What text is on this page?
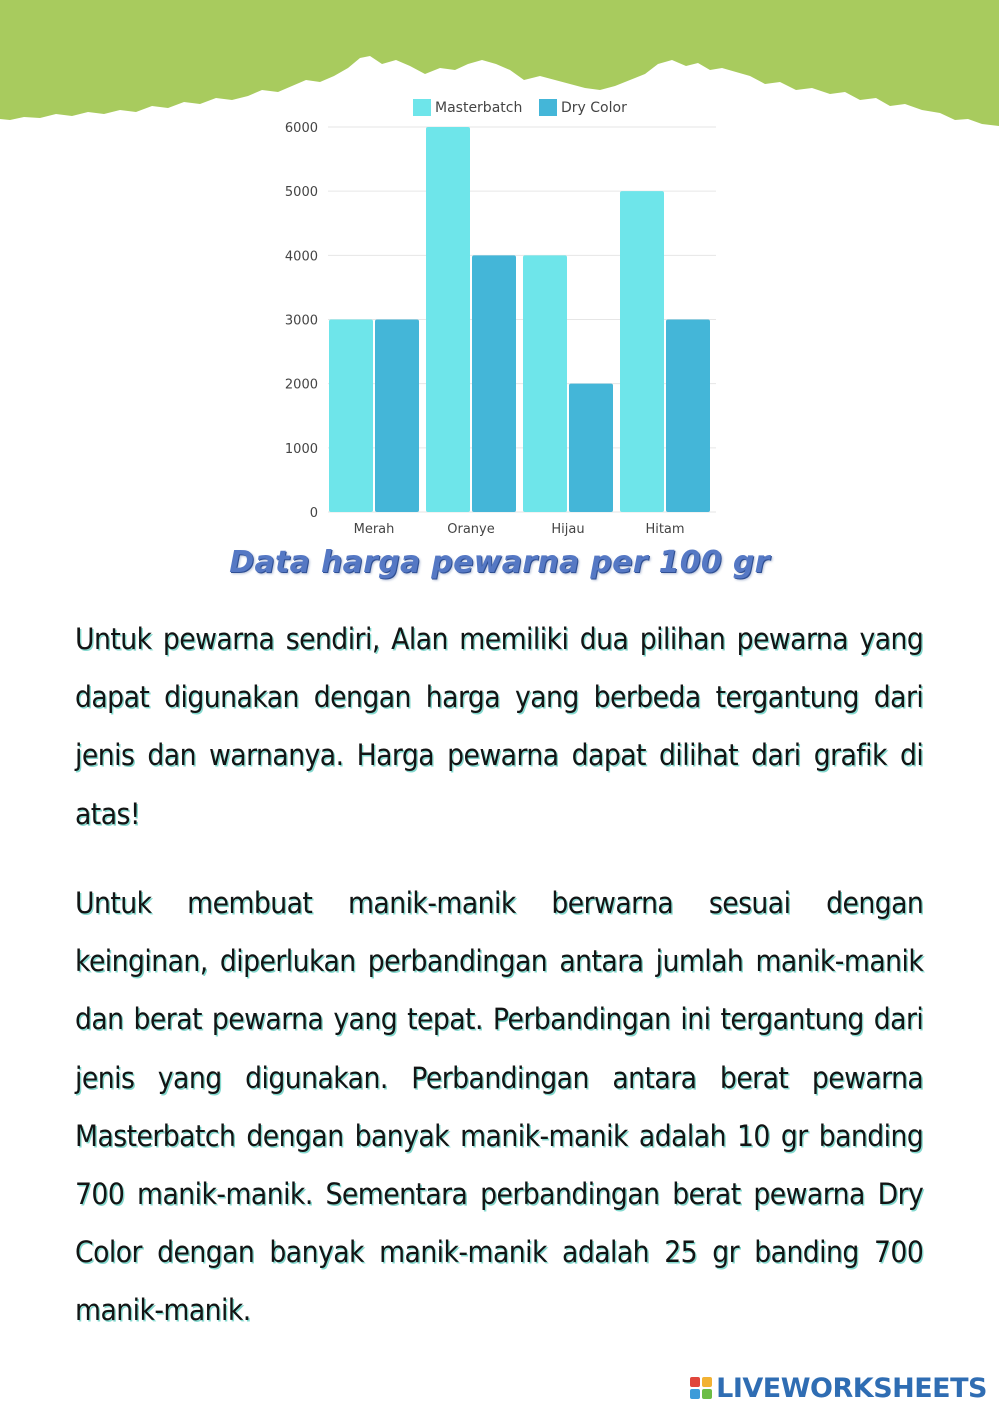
Masterbatch	Dry Color
0
1000
2000
3000
4000
5000
6000
Merah	Oranye	Hijau	Hitam
Data harga pewarna per 100 gr

Untuk pewarna sendiri, Alan memiliki dua pilihan pewarna yang dapat digunakan dengan harga yang berbeda tergantung dari jenis dan warnanya. Harga pewarna dapat dilihat dari grafik di atas!

Untuk membuat manik-manik berwarna sesuai dengan keinginan, diperlukan perbandingan antara jumlah manik-manik dan berat pewarna yang tepat. Perbandingan ini tergantung dari jenis yang digunakan. Perbandingan antara berat pewarna Masterbatch dengan banyak manik-manik adalah 10 gr banding 700 manik-manik. Sementara perbandingan berat pewarna Dry Color dengan banyak manik-manik adalah 25 gr banding 700 manik-manik.

LIVEWORKSHEETS
